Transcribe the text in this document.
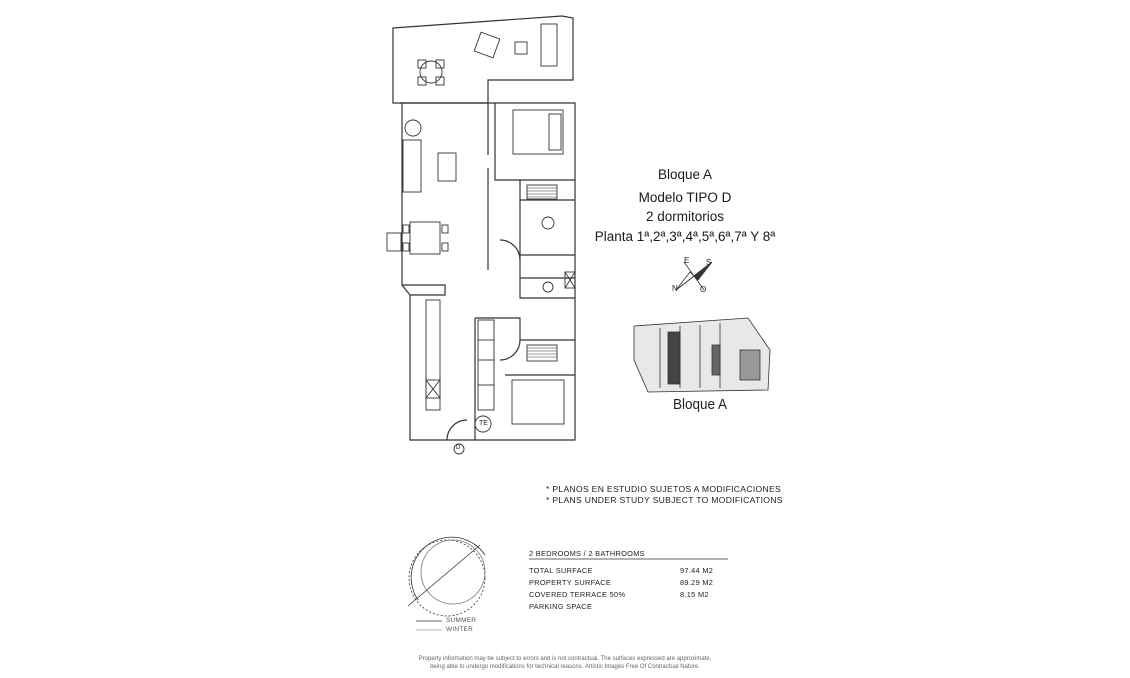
Bloque A
Modelo TIPO D
2 dormitorios
Planta 1ª,2ª,3ª,4ª,5ª,6ª,7ª Y 8ª
S
N
E
O
TE
D
Bloque A
* PLANOS EN ESTUDIO SUJETOS A MODIFICACIONES
* PLANS UNDER STUDY SUBJECT TO MODIFICATIONS
2 BEDROOMS / 2 BATHROOMS
TOTAL SURFACE	97.44 M2
PROPERTY SURFACE	89.29 M2
COVERED TERRACE 50%	8.15 M2
PARKING SPACE
SUMMER
WINTER
Property information may be subject to errors and is not contractual. The surfaces expressed are approximate,
being able to undergo modifications for technical reasons. Artistic Images Free Of Contractual Nature.
